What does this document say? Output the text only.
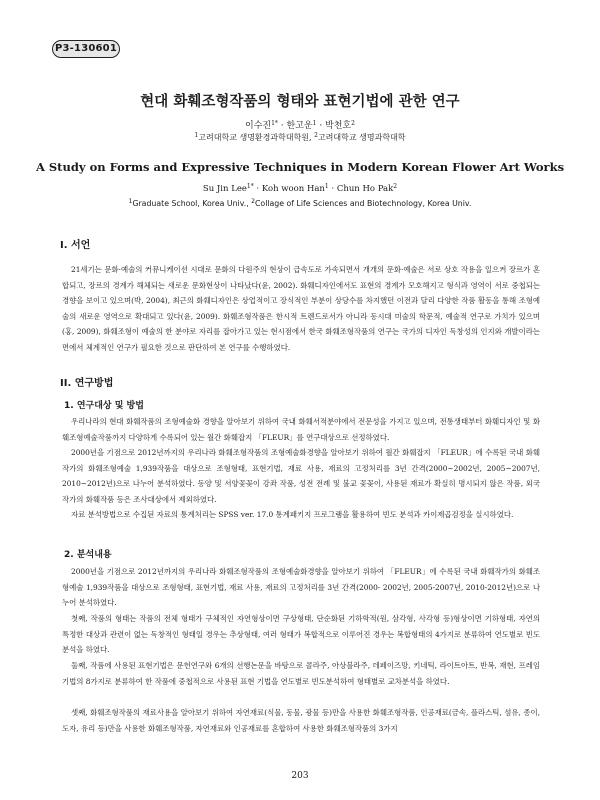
P3-130601
현대 화훼조형작품의 형태와 표현기법에 관한 연구
이수진$^{1*}$ · 한고운$^1$ · 박천호$^2$
$^1$고려대학교 생명환경과학대학원, $^2$고려대학교 생명과학대학
A Study on Forms and Expressive Techniques in Modern Korean Flower Art Works
Su Jin Lee$^{1*}$ · Koh woon Han$^1$ · Chun Ho Pak$^2$
$^1$Graduate School, Korea Univ., $^2$Collage of Life Sciences and Biotechnology, Korea Univ.
I. 서언

21세기는 문화·예술의 커뮤니케이션 시대로 문화의 다원주의 현상이 급속도로 가속되면서 개개의 문화·예술은 서로 상호 작용을 일으켜 장르가 혼합되고, 장르의 경계가 해체되는 새로운 문화현상이 나타났다(윤, 2002). 화훼디자인에서도 표현의 경계가 모호해지고 형식과 영역이 서로 중첩되는 경향을 보이고 있으며(박, 2004), 최근의 화훼디자인은 상업적이고 장식적인 부분이 상당수를 차지했던 이전과 달리 다양한 작품 활동을 통해 조형예술의 새로운 영역으로 확대되고 있다(윤, 2009). 화훼조형작품은 한시적 트렌드로서가 아니라 동시대 미술의 학문적, 예술적 연구로 가치가 있으며(홍, 2009), 화훼조형이 예술의 한 분야로 자리를 잡아가고 있는 현시점에서 한국 화훼조형작품의 연구는 국가의 디자인 독창성의 인지와 개발이라는 면에서 체계적인 연구가 필요한 것으로 판단하여 본 연구를 수행하였다.

II. 연구방법
1. 연구대상 및 방법

우리나라의 현대 화훼작품의 조형예술화 경향을 알아보기 위하여 국내 화훼서적분야에서 전문성을 가지고 있으며, 전통생태부터 화훼디자인 및 화훼조형예술작품까지 다양하게 수록되어 있는 월간 화훼잡지 「FLEUR」를 연구대상으로 선정하였다.

2000년을 기점으로 2012년까지의 우리나라 화훼조형작품의 조형예술화경향을 알아보기 위하여 월간 화훼잡지 「FLEUR」에 수록된 국내 화훼작가의 화훼조형예술 1,939작품을 대상으로 조형형태, 표현기법, 재료 사용, 재료의 고정처리를 3년 간격(2000~2002년, 2005~2007년, 2010~2012년)으로 나누어 분석하였다. 동양 및 서양꽃꽂이 강좌 작품, 성전 전례 및 불교 꽃꽂이, 사용된 재료가 확실히 명시되지 않은 작품, 외국작가의 화훼작품 등은 조사대상에서 제외하였다.

자료 분석방법으로 수집된 자료의 통계처리는 SPSS ver. 17.0 통계패키지 프로그램을 활용하여 빈도 분석과 카이제곱검정을 실시하였다.

2. 분석내용

2000년을 기점으로 2012년까지의 우리나라 화훼조형작품의 조형예술화경향을 알아보기 위하여 「FLEUR」에 수록된 국내 화훼작가의 화훼조형예술 1,939작품을 대상으로 조형형태, 표현기법, 재료 사용, 재료의 고정처리를 3년 간격(2000- 2002년, 2005-2007년, 2010-2012년)으로 나누어 분석하였다.

첫째, 작품의 형태는 작품의 전체 형태가 구체적인 자연형상이면 구상형태, 단순화된 기하학적(원, 삼각형, 사각형 등)형상이면 기하형태, 자연의 특정한 대상과 관련이 없는 독창적인 형태일 경우는 추상형태, 여러 형태가 복합적으로 이루어진 경우는 복합형태의 4가지로 분류하여 연도별로 빈도분석을 하였다.

둘째, 작품에 사용된 표현기법은 문헌연구와 6개의 선행논문을 바탕으로 콜라주, 아상블라주, 데페이즈망, 키네틱, 라이트아트, 반복, 재현, 프레임 기법의 8가지로 분류하여 한 작품에 중첩적으로 사용된 표현 기법을 연도별로 빈도분석하여 형태별로 교차분석을 하였다.

셋째, 화훼조형작품의 재료사용을 알아보기 위하여 자연재료(식물, 동물, 광물 등)만을 사용한 화훼조형작품, 인공재료(금속, 플라스틱, 섬유, 종이, 도자, 유리 등)만을 사용한 화훼조형작품, 자연재료와 인공재료를 혼합하여 사용한 화훼조형작품의 3가지

203
